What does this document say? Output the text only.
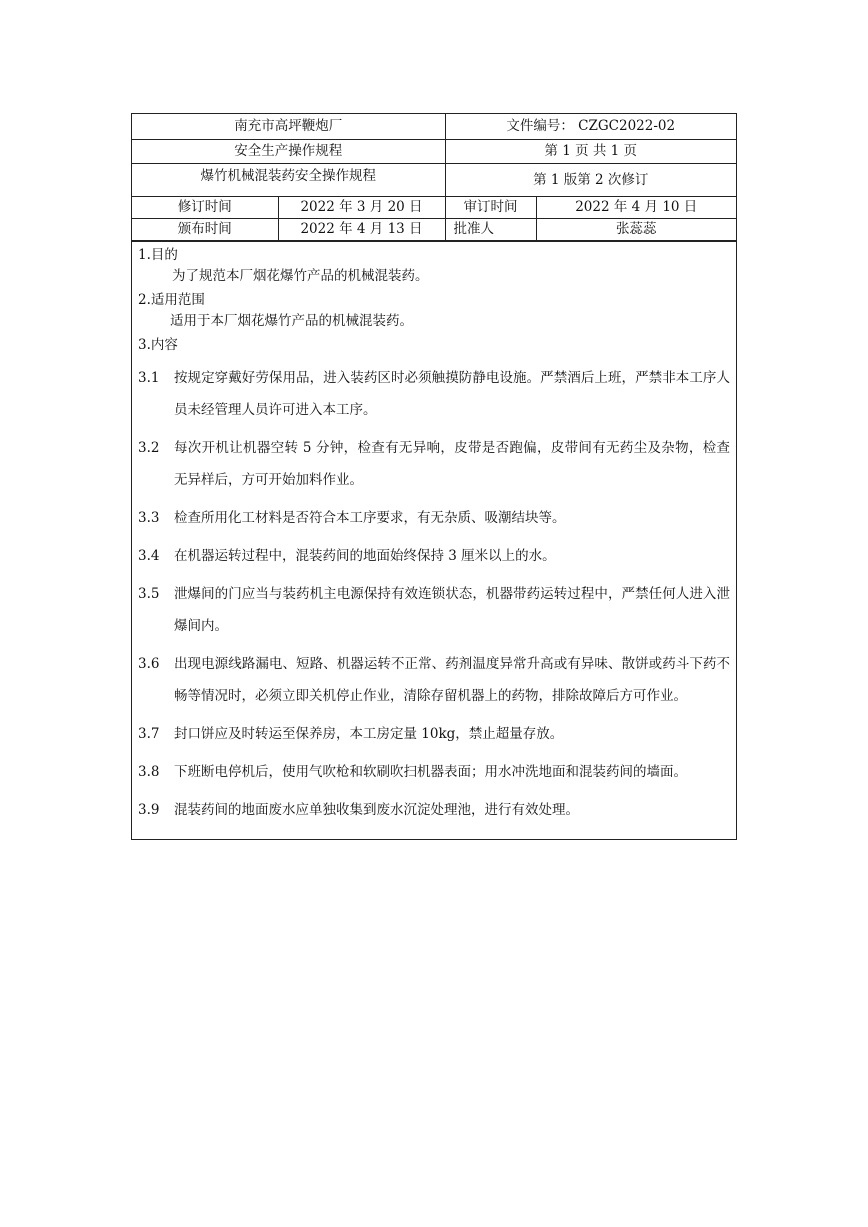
南充市高坪鞭炮厂		文件编号： CZGC2022-02	
安全生产操作规程		第 1 页 共 1 页	
爆竹机械混装药安全操作规程		第 1 版第 2 次修订	
修订时间	2022 年 3 月 20 日	审订时间	2022 年 4 月 10 日
颁布时间	2022 年 4 月 13 日	批准人	张蕊蕊
1.目的
为了规范本厂烟花爆竹产品的机械混装药。
2.适用范围
适用于本厂烟花爆竹产品的机械混装药。
3.内容
3.1	按规定穿戴好劳保用品，进入装药区时必须触摸防静电设施。严禁酒后上班，严禁非本工序人员未经管理人员许可进入本工序。
3.2	每次开机让机器空转 5 分钟，检查有无异响，皮带是否跑偏，皮带间有无药尘及杂物，检查无异样后，方可开始加料作业。
3.3	检查所用化工材料是否符合本工序要求，有无杂质、吸潮结块等。
3.4	在机器运转过程中，混装药间的地面始终保持 3 厘米以上的水。
3.5	泄爆间的门应当与装药机主电源保持有效连锁状态，机器带药运转过程中，严禁任何人进入泄爆间内。
3.6	出现电源线路漏电、短路、机器运转不正常、药剂温度异常升高或有异味、散饼或药斗下药不畅等情况时，必须立即关机停止作业，清除存留机器上的药物，排除故障后方可作业。
3.7	封口饼应及时转运至保养房，本工房定量 10kg，禁止超量存放。
3.8	下班断电停机后，使用气吹枪和软刷吹扫机器表面；用水冲洗地面和混装药间的墙面。
3.9	混装药间的地面废水应单独收集到废水沉淀处理池，进行有效处理。
